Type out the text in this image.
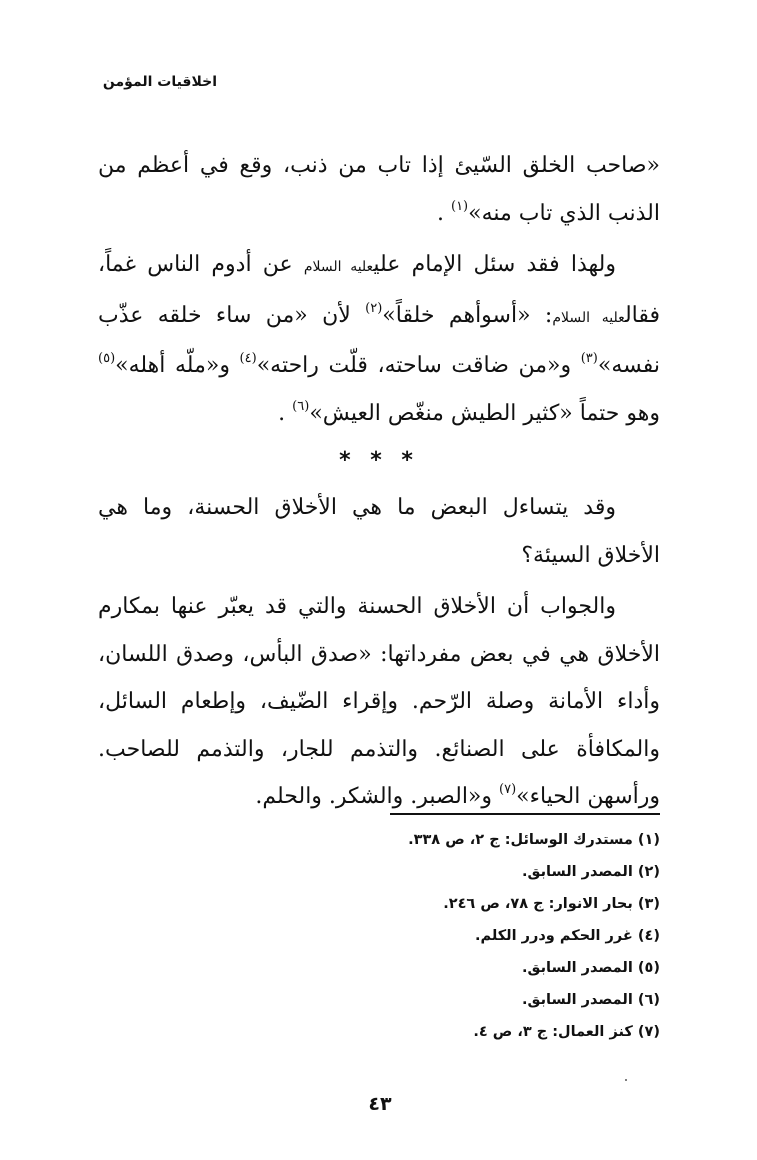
اخلاقيات المؤمن

«صاحب الخلق السّيئ إذا تاب من ذنب، وقع في أعظم من الذنب الذي تاب منه»$^{(١)}$ .

ولهذا فقد سئل الإمام عليعليه السلام عن أدوم الناس غماً، فقالعليه السلام: «أسوأهم خلقاً»$^{(٢)}$ لأن «من ساء خلقه عذّب نفسه»$^{(٣)}$ و«من ضاقت ساحته، قلّت راحته»$^{(٤)}$ و«ملّه أهله»$^{(٥)}$ وهو حتماً «كثير الطيش منغّص العيش»$^{(٦)}$ .

* * *

وقد يتساءل البعض ما هي الأخلاق الحسنة، وما هي الأخلاق السيئة؟

والجواب أن الأخلاق الحسنة والتي قد يعبّر عنها بمكارم الأخلاق هي في بعض مفرداتها: «صدق البأس، وصدق اللسان، وأداء الأمانة وصلة الرّحم. وإقراء الضّيف، وإطعام السائل، والمكافأة على الصنائع. والتذمم للجار، والتذمم للصاحب. ورأسهن الحياء»$^{(٧)}$ و«الصبر. والشكر. والحلم.

(١) مستدرك الوسائل: ج ٢، ص ٣٣٨.
(٢) المصدر السابق.
(٣) بحار الانوار: ج ٧٨، ص ٢٤٦.
(٤) غرر الحكم ودرر الكلم.
(٥) المصدر السابق.
(٦) المصدر السابق.
(٧) كنز العمال: ج ٣، ص ٤.
٤٣
